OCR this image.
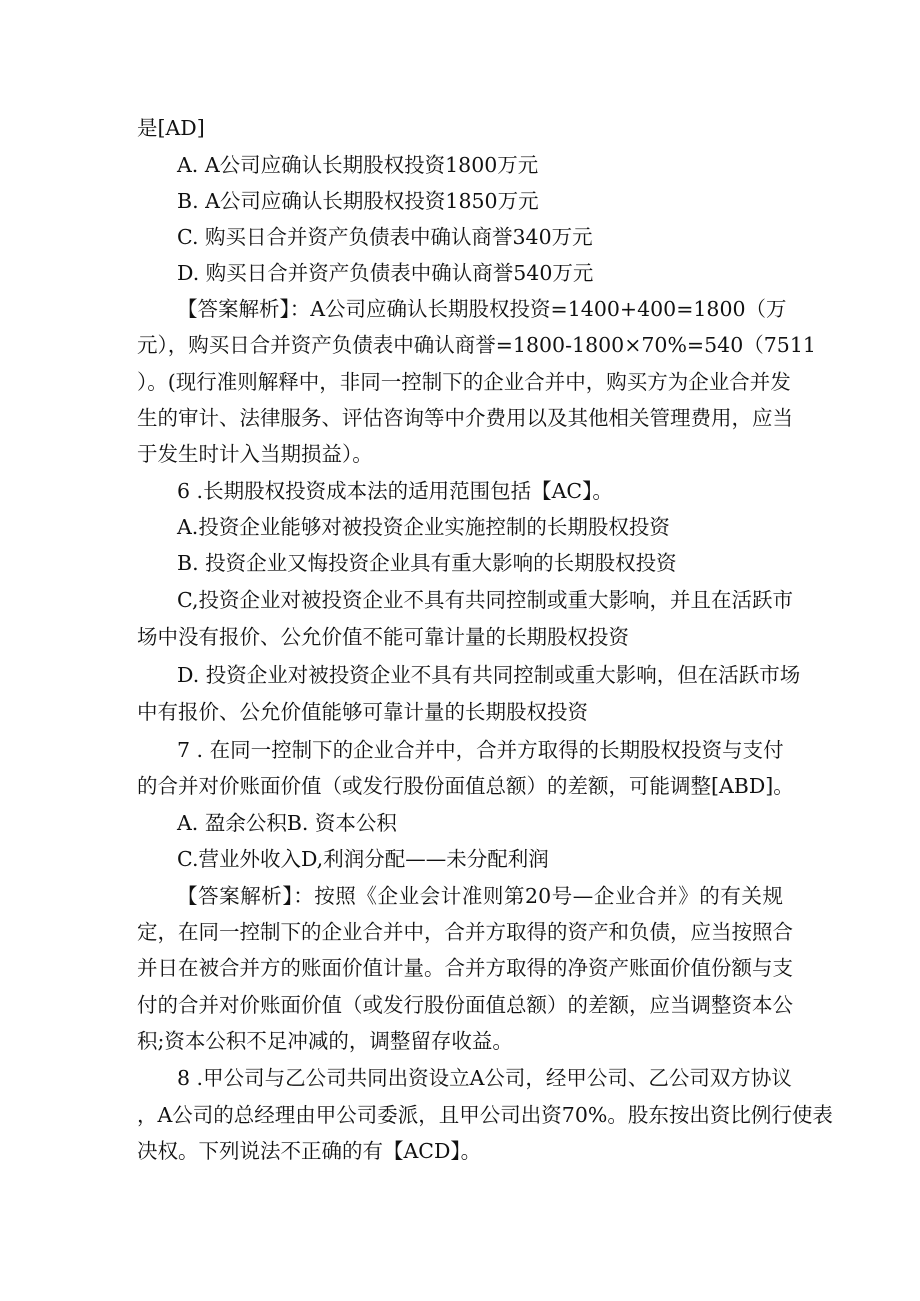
是[AD]
A. A公司应确认长期股权投资1800万元
B. A公司应确认长期股权投资1850万元
C. 购买日合并资产负债表中确认商誉340万元
D. 购买日合并资产负债表中确认商誉540万元
【答案解析】：A公司应确认长期股权投资=1400+400=1800（万
元），购买日合并资产负债表中确认商誉=1800-1800×70%=540（7511
）。(现行准则解释中，非同一控制下的企业合并中，购买方为企业合并发
生的审计、法律服务、评估咨询等中介费用以及其他相关管理费用，应当
于发生时计入当期损益）。
6 .长期股权投资成本法的适用范围包括【AC】。
A.投资企业能够对被投资企业实施控制的长期股权投资
B. 投资企业又悔投资企业具有重大影响的长期股权投资
C,投资企业对被投资企业不具有共同控制或重大影响，并且在活跃市
场中没有报价、公允价值不能可靠计量的长期股权投资
D. 投资企业对被投资企业不具有共同控制或重大影响，但在活跃市场
中有报价、公允价值能够可靠计量的长期股权投资
7 . 在同一控制下的企业合并中，合并方取得的长期股权投资与支付
的合并对价账面价值（或发行股份面值总额）的差额，可能调整[ABD]。
A. 盈余公积B. 资本公积
C.营业外收入D,利润分配——未分配利润
【答案解析】：按照《企业会计准则第20号—企业合并》的有关规
定，在同一控制下的企业合并中，合并方取得的资产和负债，应当按照合
并日在被合并方的账面价值计量。合并方取得的净资产账面价值份额与支
付的合并对价账面价值（或发行股份面值总额）的差额，应当调整资本公
积;资本公积不足冲减的，调整留存收益。
8 .甲公司与乙公司共同出资设立A公司，经甲公司、乙公司双方协议
，A公司的总经理由甲公司委派，且甲公司出资70%。股东按出资比例行使表
决权。下列说法不正确的有【ACD】。
